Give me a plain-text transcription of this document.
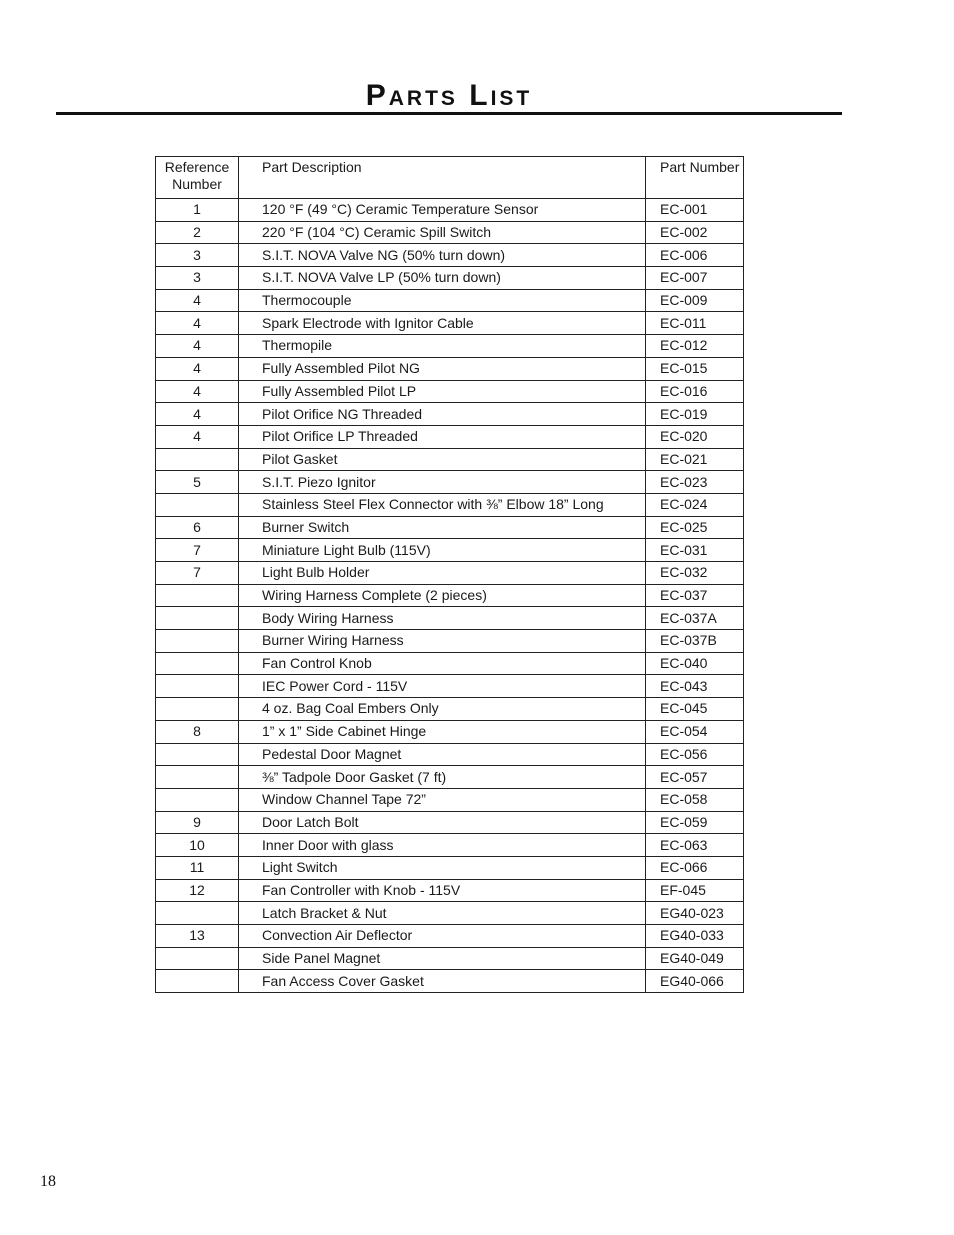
Parts List
Reference Number	Part Description	Part Number
1	120 °F (49 °C) Ceramic Temperature Sensor	EC-001
2	220 °F (104 °C) Ceramic Spill Switch	EC-002
3	S.I.T. NOVA Valve NG (50% turn down)	EC-006
3	S.I.T. NOVA Valve LP (50% turn down)	EC-007
4	Thermocouple	EC-009
4	Spark Electrode with Ignitor Cable	EC-011
4	Thermopile	EC-012
4	Fully Assembled Pilot NG	EC-015
4	Fully Assembled Pilot LP	EC-016
4	Pilot Orifice NG Threaded	EC-019
4	Pilot Orifice LP Threaded	EC-020
	Pilot Gasket	EC-021
5	S.I.T. Piezo Ignitor	EC-023
	Stainless Steel Flex Connector with ⅜” Elbow 18” Long	EC-024
6	Burner Switch	EC-025
7	Miniature Light Bulb (115V)	EC-031
7	Light Bulb Holder	EC-032
	Wiring Harness Complete (2 pieces)	EC-037
	Body Wiring Harness	EC-037A
	Burner Wiring Harness	EC-037B
	Fan Control Knob	EC-040
	IEC Power Cord - 115V	EC-043
	4 oz. Bag Coal Embers Only	EC-045
8	1” x 1” Side Cabinet Hinge	EC-054
	Pedestal Door Magnet	EC-056
	⅜” Tadpole Door Gasket (7 ft)	EC-057
	Window Channel Tape 72”	EC-058
9	Door Latch Bolt	EC-059
10	Inner Door with glass	EC-063
11	Light Switch	EC-066
12	Fan Controller with Knob - 115V	EF-045
	Latch Bracket & Nut	EG40-023
13	Convection Air Deflector	EG40-033
	Side Panel Magnet	EG40-049
	Fan Access Cover Gasket	EG40-066
18
